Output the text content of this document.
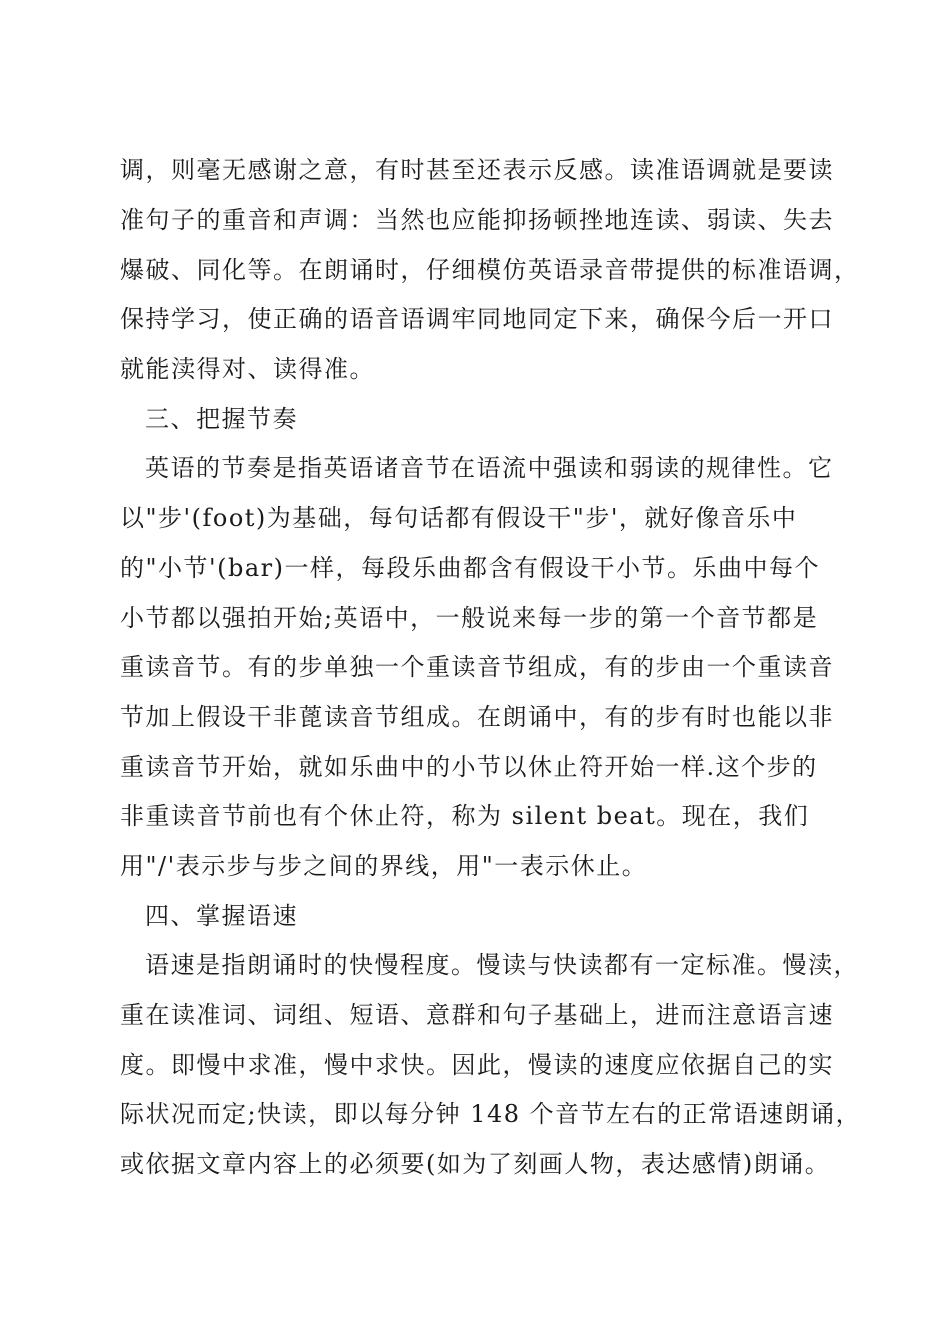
调，则毫无感谢之意，有时甚至还表示反感。读准语调就是要读
准句子的重音和声调：当然也应能抑扬顿挫地连读、弱读、失去
爆破、同化等。在朗诵时，仔细模仿英语录音带提供的标准语调，
保持学习，使正确的语音语调牢同地同定下来，确保今后一开口
就能渎得对、读得准。
三、把握节奏
英语的节奏是指英语诸音节在语流中强读和弱读的规律性。它
以"步'(foot)为基础，每句话都有假设干"步'，就好像音乐中
的"小节'(bar)一样，每段乐曲都含有假设干小节。乐曲中每个
小节都以强拍开始;英语中，一般说来每一步的第一个音节都是
重读音节。有的步单独一个重读音节组成，有的步由一个重读音
节加上假设干非蓖读音节组成。在朗诵中，有的步有时也能以非
重读音节开始，就如乐曲中的小节以休止符开始一样.这个步的
非重读音节前也有个休止符，称为 silent beat。现在，我们
用"/'表示步与步之间的界线，用"一表示休止。
四、掌握语速
语速是指朗诵时的快慢程度。慢读与快读都有一定标准。慢渎，
重在读准词、词组、短语、意群和句子基础上，进而注意语言速
度。即慢中求准，慢中求快。因此，慢读的速度应依据自己的实
际状况而定;快读，即以每分钟 148 个音节左右的正常语速朗诵，
或依据文章内容上的必须要(如为了刻画人物，表达感情)朗诵。
